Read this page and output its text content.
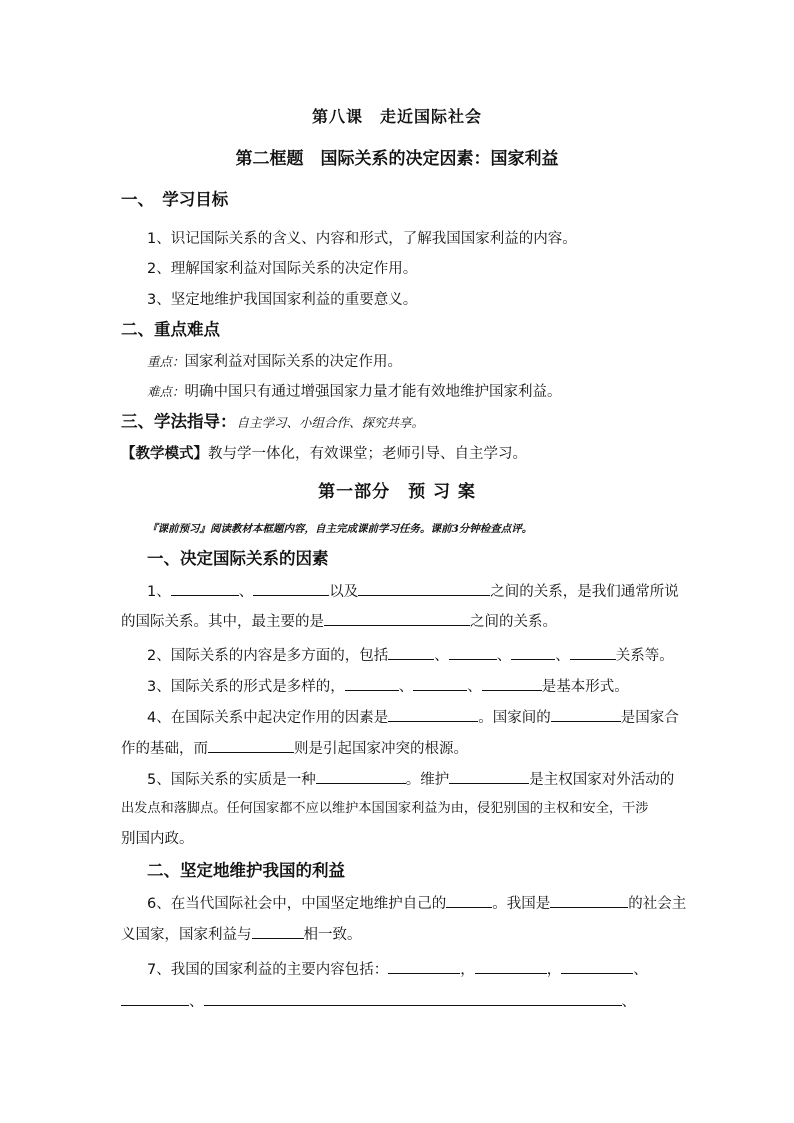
第八课　走近国际社会
第二框题　国际关系的决定因素：国家利益
一、　学习目标
1、识记国际关系的含义、内容和形式，了解我国国家利益的内容。
2、理解国家利益对国际关系的决定作用。
3、坚定地维护我国国家利益的重要意义。
二、重点难点
重点：国家利益对国际关系的决定作用。
难点：明确中国只有通过增强国家力量才能有效地维护国家利益。
三、学法指导：自主学习、小组合作、探究共享。
【教学模式】教与学一体化，有效课堂；老师引导、自主学习。
第一部分　预 习 案
『课前预习』阅读教材本框题内容，自主完成课前学习任务。课前3分钟检查点评。
一、决定国际关系的因素
1、	、	以及	之间的关系，是我们通常所说
的国际关系。其中，最主要的是	之间的关系。
2、国际关系的内容是多方面的，包括	、	、	、	关系等。
3、国际关系的形式是多样的，	、	、	是基本形式。
4、在国际关系中起决定作用的因素是	。国家间的	是国家合
作的基础，而	则是引起国家冲突的根源。
5、国际关系的实质是一种	。维护	是主权国家对外活动的
出发点和落脚点。任何国家都不应以维护本国国家利益为由，侵犯别国的主权和安全，干涉
别国内政。
二、坚定地维护我国的利益
6、在当代国际社会中，中国坚定地维护自己的	。我国是	的社会主
义国家，国家利益与	相一致。
7、我国的国家利益的主要内容包括：	，	，	、
、	、
